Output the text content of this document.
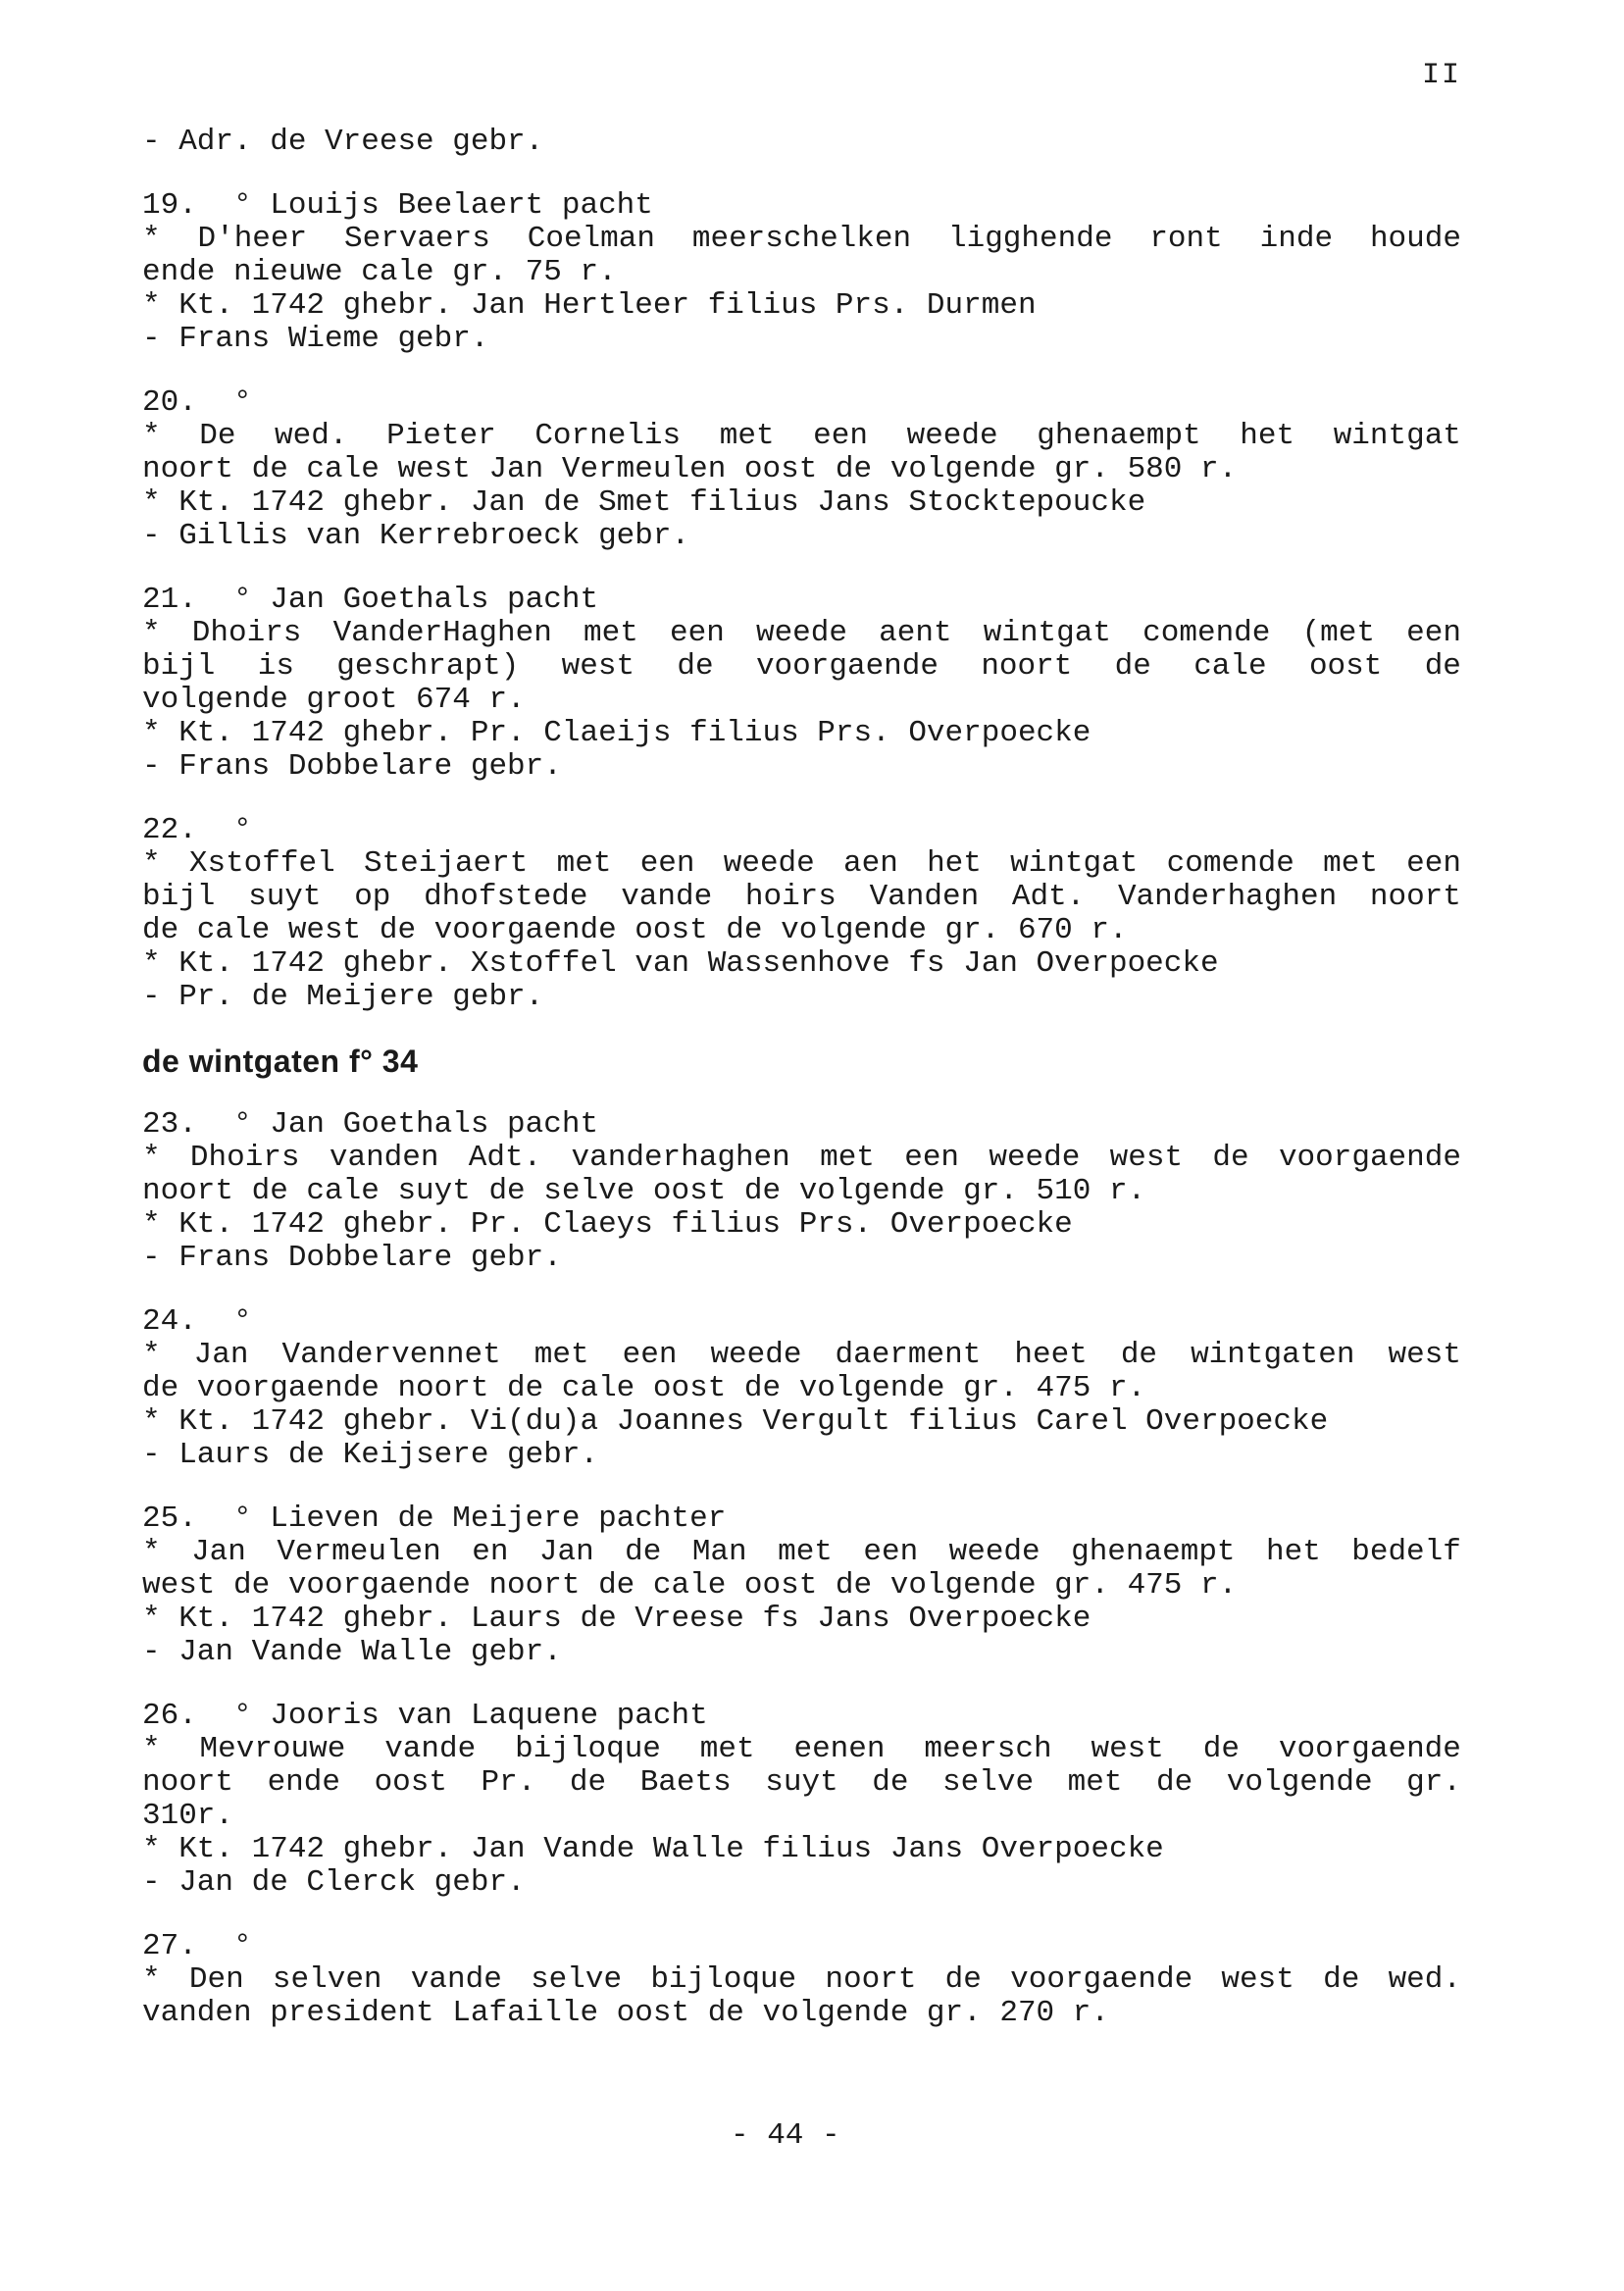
II
- Adr. de Vreese gebr.
19.  ° Louijs Beelaert pacht
* D'heer Servaers Coelman meerschelken ligghende ront inde houde
ende nieuwe cale gr. 75 r.
* Kt. 1742 ghebr. Jan Hertleer filius Prs. Durmen
- Frans Wieme gebr.
20.  °
* De wed. Pieter Cornelis met een weede ghenaempt het wintgat
noort de cale west Jan Vermeulen oost de volgende gr. 580 r.
* Kt. 1742 ghebr. Jan de Smet filius Jans Stocktepoucke
- Gillis van Kerrebroeck gebr.
21.  ° Jan Goethals pacht
* Dhoirs VanderHaghen met een weede aent wintgat comende (met een
bijl is geschrapt) west de voorgaende noort de cale oost de
volgende groot 674 r.
* Kt. 1742 ghebr. Pr. Claeijs filius Prs. Overpoecke
- Frans Dobbelare gebr.
22.  °
* Xstoffel Steijaert met een weede aen het wintgat comende met een
bijl suyt op dhofstede vande hoirs Vanden Adt. Vanderhaghen noort
de cale west de voorgaende oost de volgende gr. 670 r.
* Kt. 1742 ghebr. Xstoffel van Wassenhove fs Jan Overpoecke
- Pr. de Meijere gebr.
de wintgaten f° 34
23.  ° Jan Goethals pacht
* Dhoirs vanden Adt. vanderhaghen met een weede west de voorgaende
noort de cale suyt de selve oost de volgende gr. 510 r.
* Kt. 1742 ghebr. Pr. Claeys filius Prs. Overpoecke
- Frans Dobbelare gebr.
24.  °
* Jan Vandervennet met een weede daerment heet de wintgaten west
de voorgaende noort de cale oost de volgende gr. 475 r.
* Kt. 1742 ghebr. Vi(du)a Joannes Vergult filius Carel Overpoecke
- Laurs de Keijsere gebr.
25.  ° Lieven de Meijere pachter
* Jan Vermeulen en Jan de Man met een weede ghenaempt het bedelf
west de voorgaende noort de cale oost de volgende gr. 475 r.
* Kt. 1742 ghebr. Laurs de Vreese fs Jans Overpoecke
- Jan Vande Walle gebr.
26.  ° Jooris van Laquene pacht
* Mevrouwe vande bijloque met eenen meersch west de voorgaende
noort ende oost Pr. de Baets suyt de selve met de volgende gr.
310r.
* Kt. 1742 ghebr. Jan Vande Walle filius Jans Overpoecke
- Jan de Clerck gebr.
27.  °
* Den selven vande selve bijloque noort de voorgaende west de wed.
vanden president Lafaille oost de volgende gr. 270 r.
- 44 -
